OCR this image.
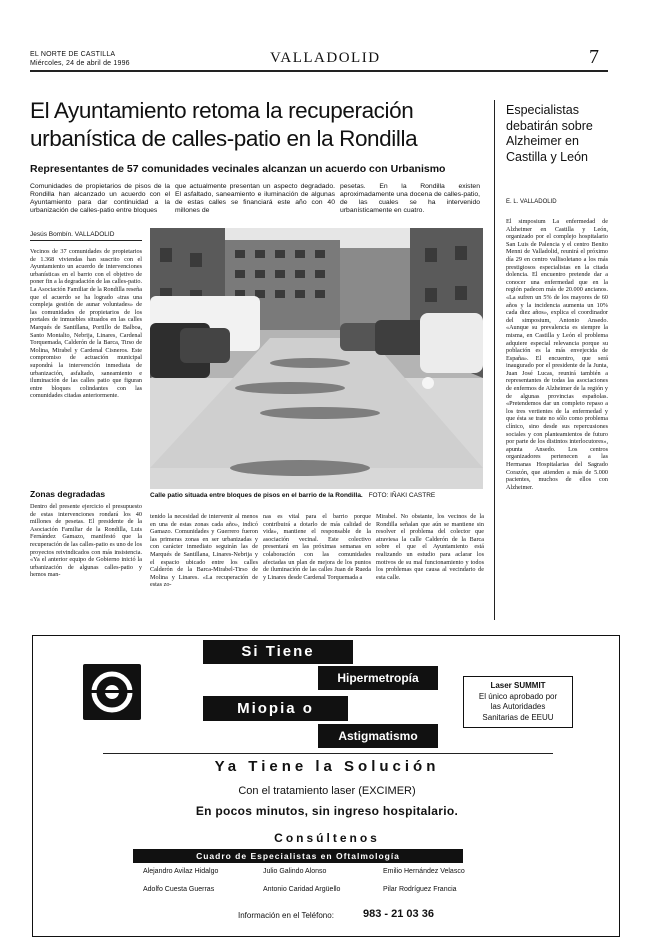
EL NORTE DE CASTILLA
Miércoles, 24 de abril de 1996	VALLADOLID	7
El Ayuntamiento retoma la recuperación
urbanística de calles-patio en la Rondilla
Representantes de 57 comunidades vecinales alcanzan un acuerdo con Urbanismo
Comunidades de propietarios de pisos de la Rondilla han alcanzado un acuerdo con el Ayuntamiento para dar continuidad a la urbanización de calles-patio entre bloques
que actualmente presentan un aspecto degradado. El asfaltado, saneamiento e iluminación de algunas de estas calles se financiará este año con 40 millones de
pesetas. En la Rondilla existen aproximadamente una docena de calles-patio, de las cuales se ha intervenido urbanísticamente en cuatro.
Jesús Bombín. VALLADOLID
Vecinos de 37 comunidades de propietarios de 1.368 viviendas han suscrito con el Ayuntamiento un acuerdo de intervenciones urbanísticas en el barrio con el objetivo de poner fin a la degradación de las calles-patio. La Asociación Familiar de la Rondilla reseña que el acuerdo se ha logrado «tras una compleja gestión de aunar voluntades» de las comunidades de propietarios de los portales de inmuebles situados en las calles Marqués de Santillana, Portillo de Balboa, Santo Montalto, Nebrija, Linares, Cardenal Torquemada, Calderón de la Barca, Tirso de Molina, Mirabel y Cardenal Cisneros. Este compromiso de actuación municipal supondrá la intervención inmediata de urbanización, asfaltado, saneamiento e iluminación de las calles patio que figuran entre bloques colindantes con las comunidades citadas anteriormente.
Zonas degradadas
Dentro del presente ejercicio el presupuesto de estas intervenciones rondará los 40 millones de pesetas. El presidente de la Asociación Familiar de la Rondilla, Luis Fernández Gamazo, manifestó que la recuperación de las calles-patio es uno de los proyectos reivindicados con más insistencia. «Ya el anterior equipo de Gobierno inició la urbanización de algunas calles-patio y hemos man-
Calle patio situada entre bloques de pisos en el barrio de la Rondilla. FOTO: IÑAKI CASTRE
tenido la necesidad de intervenir al menos en una de estas zonas cada año», indicó Gamazo. Comunidades y Guerrero fueron las primeras zonas en ser urbanizadas y con carácter inmediato seguirán las de Marqués de Santillana, Linares-Nebrija y el espacio ubicado entre los calles Calderón de la Barca-Mirabel-Tirso de Molina y Linares. «La recuperación de estas zo-
nas es vital para el barrio porque contribuirá a dotarlo de más calidad de vida», mantiene el responsable de la asociación vecinal. Este colectivo presentará en las próximas semanas en colaboración con las comunidades afectadas un plan de mejora de los puntos de iluminación de las calles Juan de Rueda y Linares desde Cardenal Torquemada a
Mirabel. No obstante, los vecinos de la Rondilla señalan que aún se mantiene sin resolver el problema del colector que atraviesa la calle Calderón de la Barca sobre el que el Ayuntamiento está realizando un estudio para aclarar los motivos de su mal funcionamiento y todos los problemas que causa al vecindario de esta calle.
Especialistas debatirán sobre Alzheimer en Castilla y León
E. L. VALLADOLID
El simposium La enfermedad de Alzheimer en Castilla y León, organizado por el complejo hospitalario San Luis de Palencia y el centro Benito Menni de Valladolid, reunirá el próximo día 29 en centro vallisoletano a los más prestigiosos especialistas en la citada dolencia. El encuentro pretende dar a conocer una enfermedad que en la región padecen más de 20.000 ancianos. «La sufren un 5% de los mayores de 60 años y la incidencia aumenta un 10% cada diez años», explica el coordinador del simposium, Antonio Ansedo. «Aunque su prevalencia es siempre la misma, en Castilla y León el problema adquiere especial relevancia porque su población es la más envejecida de España». El encuentro, que será inaugurado por el presidente de la Junta, Juan José Lucas, reunirá también a representantes de todas las asociaciones de enfermos de Alzheimer de la región y de algunas provincias españolas. «Pretendemos dar un completo repaso a los tres vertientes de la enfermedad y que ésta se trate no sólo como problema clínico, sino desde sus repercusiones sociales y con planteamientos de futuro por parte de los distintos interlocutores», apunta Ansedo. Los centros organizadores pertenecen a las Hermanas Hospitalarias del Sagrado Corazón, que atienden a más de 5.000 pacientes, muchos de ellos con Alzheimer.
Si Tiene
Hipermetropía
Miopia o
Astigmatismo
Laser SUMMIT
El único aprobado por
las Autoridades
Sanitarias de EEUU
Ya Tiene la Solución
Con el tratamiento laser (EXCIMER)
En pocos minutos, sin ingreso hospitalario.
Consúltenos
Cuadro de Especialistas en Oftalmología
Alejandro Avilaz Hidalgo	Julio Galindo Alonso	Emilio Hernández Velasco
Adolfo Cuesta Guerras	Antonio Caridad Argüello	Pilar Rodríguez Francia
Información en el Teléfono:	983 - 21 03 36
